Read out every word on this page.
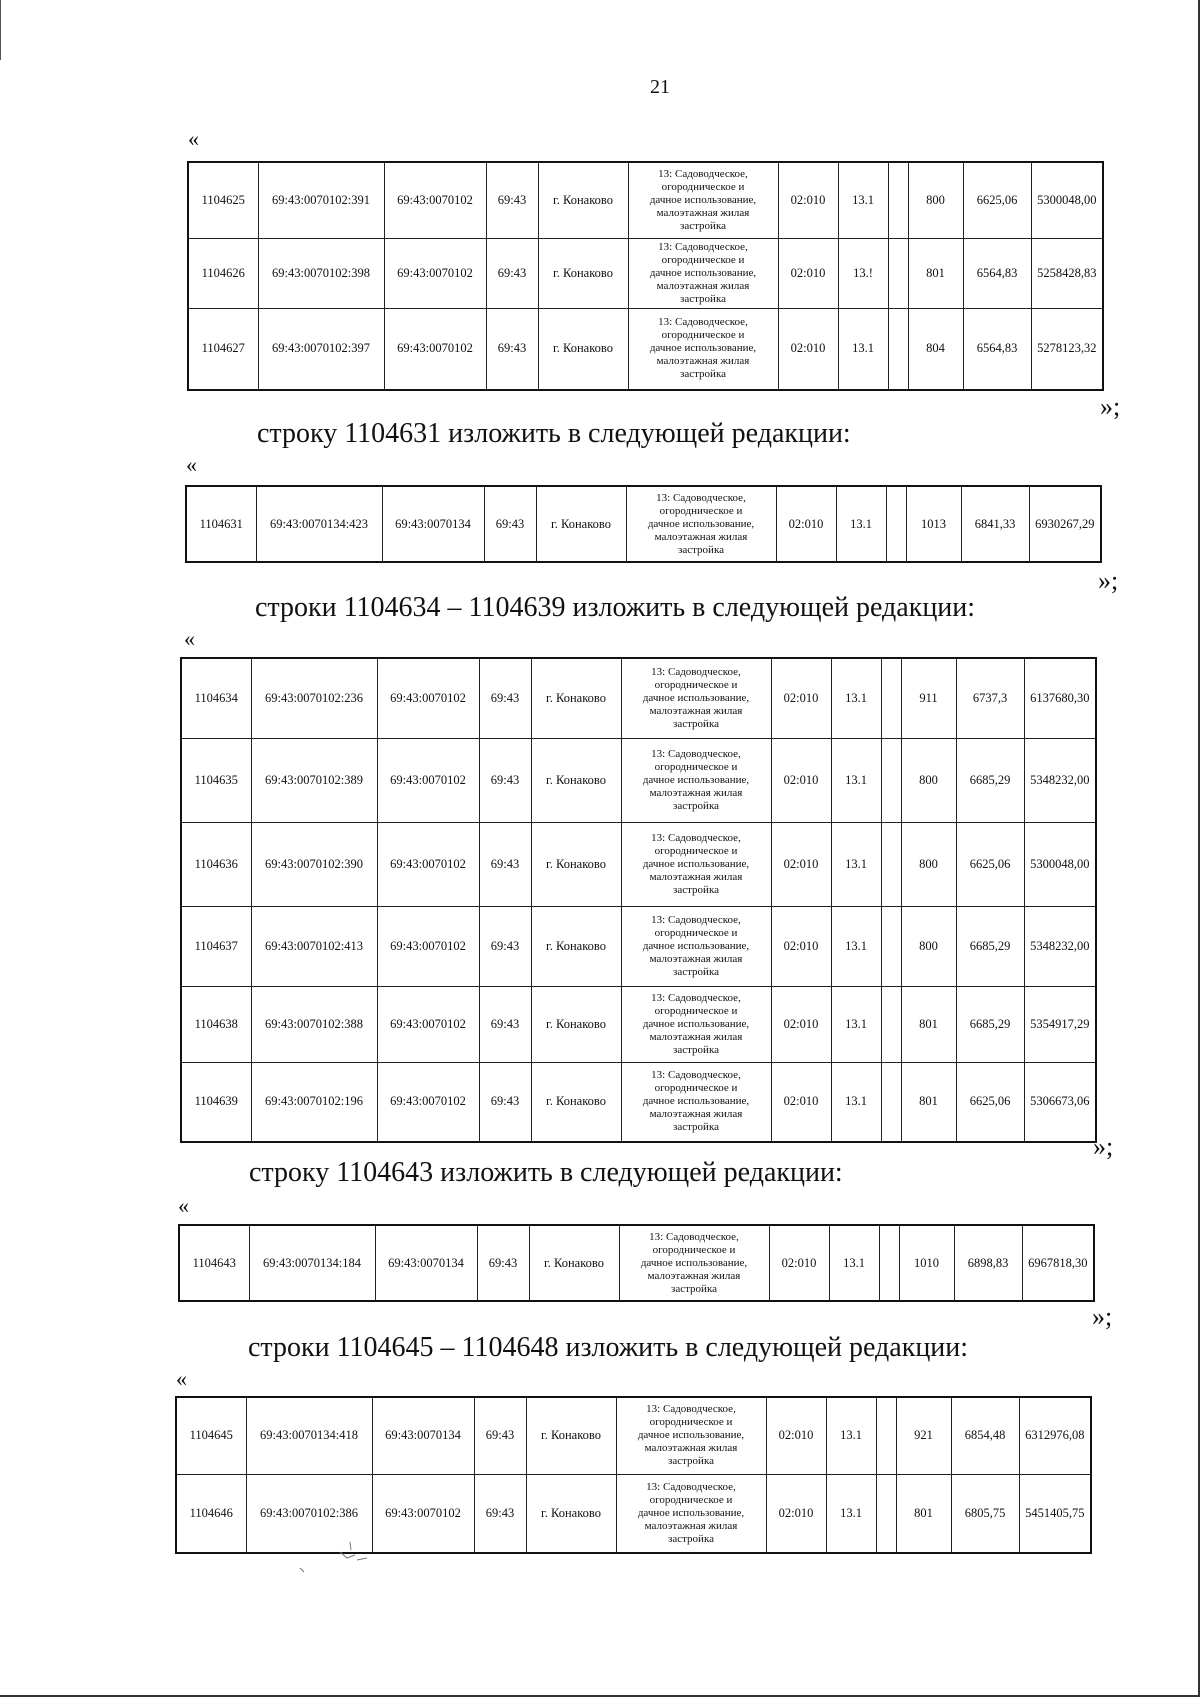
21
«
1104625	69:43:0070102:391	69:43:0070102	69:43	г. Конаково	13: Садоводческое,
огородническое и
дачное использование,
малоэтажная жилая
застройка	02:010	13.1		800	6625,06	5300048,00
1104626	69:43:0070102:398	69:43:0070102	69:43	г. Конаково	13: Садоводческое,
огородническое и
дачное использование,
малоэтажная жилая
застройка	02:010	13.!		801	6564,83	5258428,83
1104627	69:43:0070102:397	69:43:0070102	69:43	г. Конаково	13: Садоводческое,
огородническое и
дачное использование,
малоэтажная жилая
застройка	02:010	13.1		804	6564,83	5278123,32
»;
строку 1104631 изложить в следующей редакции:
«
1104631	69:43:0070134:423	69:43:0070134	69:43	г. Конаково	
13: Садоводческое,
огородническое и
дачное использование,
малоэтажная жилая
застройка
	02:010	13.1		1013	6841,33	6930267,29
»;
строки 1104634 – 1104639 изложить в следующей редакции:
«
1104634	69:43:0070102:236	69:43:0070102	69:43	г. Конаково	13: Садоводческое,
огородническое и
дачное использование,
малоэтажная жилая
застройка	02:010	13.1		911	6737,3	6137680,30
1104635	69:43:0070102:389	69:43:0070102	69:43	г. Конаково	13: Садоводческое,
огородническое и
дачное использование,
малоэтажная жилая
застройка	02:010	13.1		800	6685,29	5348232,00
1104636	69:43:0070102:390	69:43:0070102	69:43	г. Конаково	13: Садоводческое,
огородническое и
дачное использование,
малоэтажная жилая
застройка	02:010	13.1		800	6625,06	5300048,00
1104637	69:43:0070102:413	69:43:0070102	69:43	г. Конаково	13: Садоводческое,
огородническое и
дачное использование,
малоэтажная жилая
застройка	02:010	13.1		800	6685,29	5348232,00
1104638	69:43:0070102:388	69:43:0070102	69:43	г. Конаково	13: Садоводческое,
огородническое и
дачное использование,
малоэтажная жилая
застройка	02:010	13.1		801	6685,29	5354917,29
1104639	69:43:0070102:196	69:43:0070102	69:43	г. Конаково	13: Садоводческое,
огородническое и
дачное использование,
малоэтажная жилая
застройка	02:010	13.1		801	6625,06	5306673,06
»;
строку 1104643 изложить в следующей редакции:
«
1104643	69:43:0070134:184	69:43:0070134	69:43	г. Конаково	
13: Садоводческое,
огородническое и
дачное использование,
малоэтажная жилая
застройка
	02:010	13.1		1010	6898,83	6967818,30
»;
строки 1104645 – 1104648 изложить в следующей редакции:
«
1104645	69:43:0070134:418	69:43:0070134	69:43	г. Конаково	13: Садоводческое,
огородническое и
дачное использование,
малоэтажная жилая
застройка	02:010	13.1		921	6854,48	6312976,08
1104646	69:43:0070102:386	69:43:0070102	69:43	г. Конаково	13: Садоводческое,
огородническое и
дачное использование,
малоэтажная жилая
застройка	02:010	13.1		801	6805,75	5451405,75
